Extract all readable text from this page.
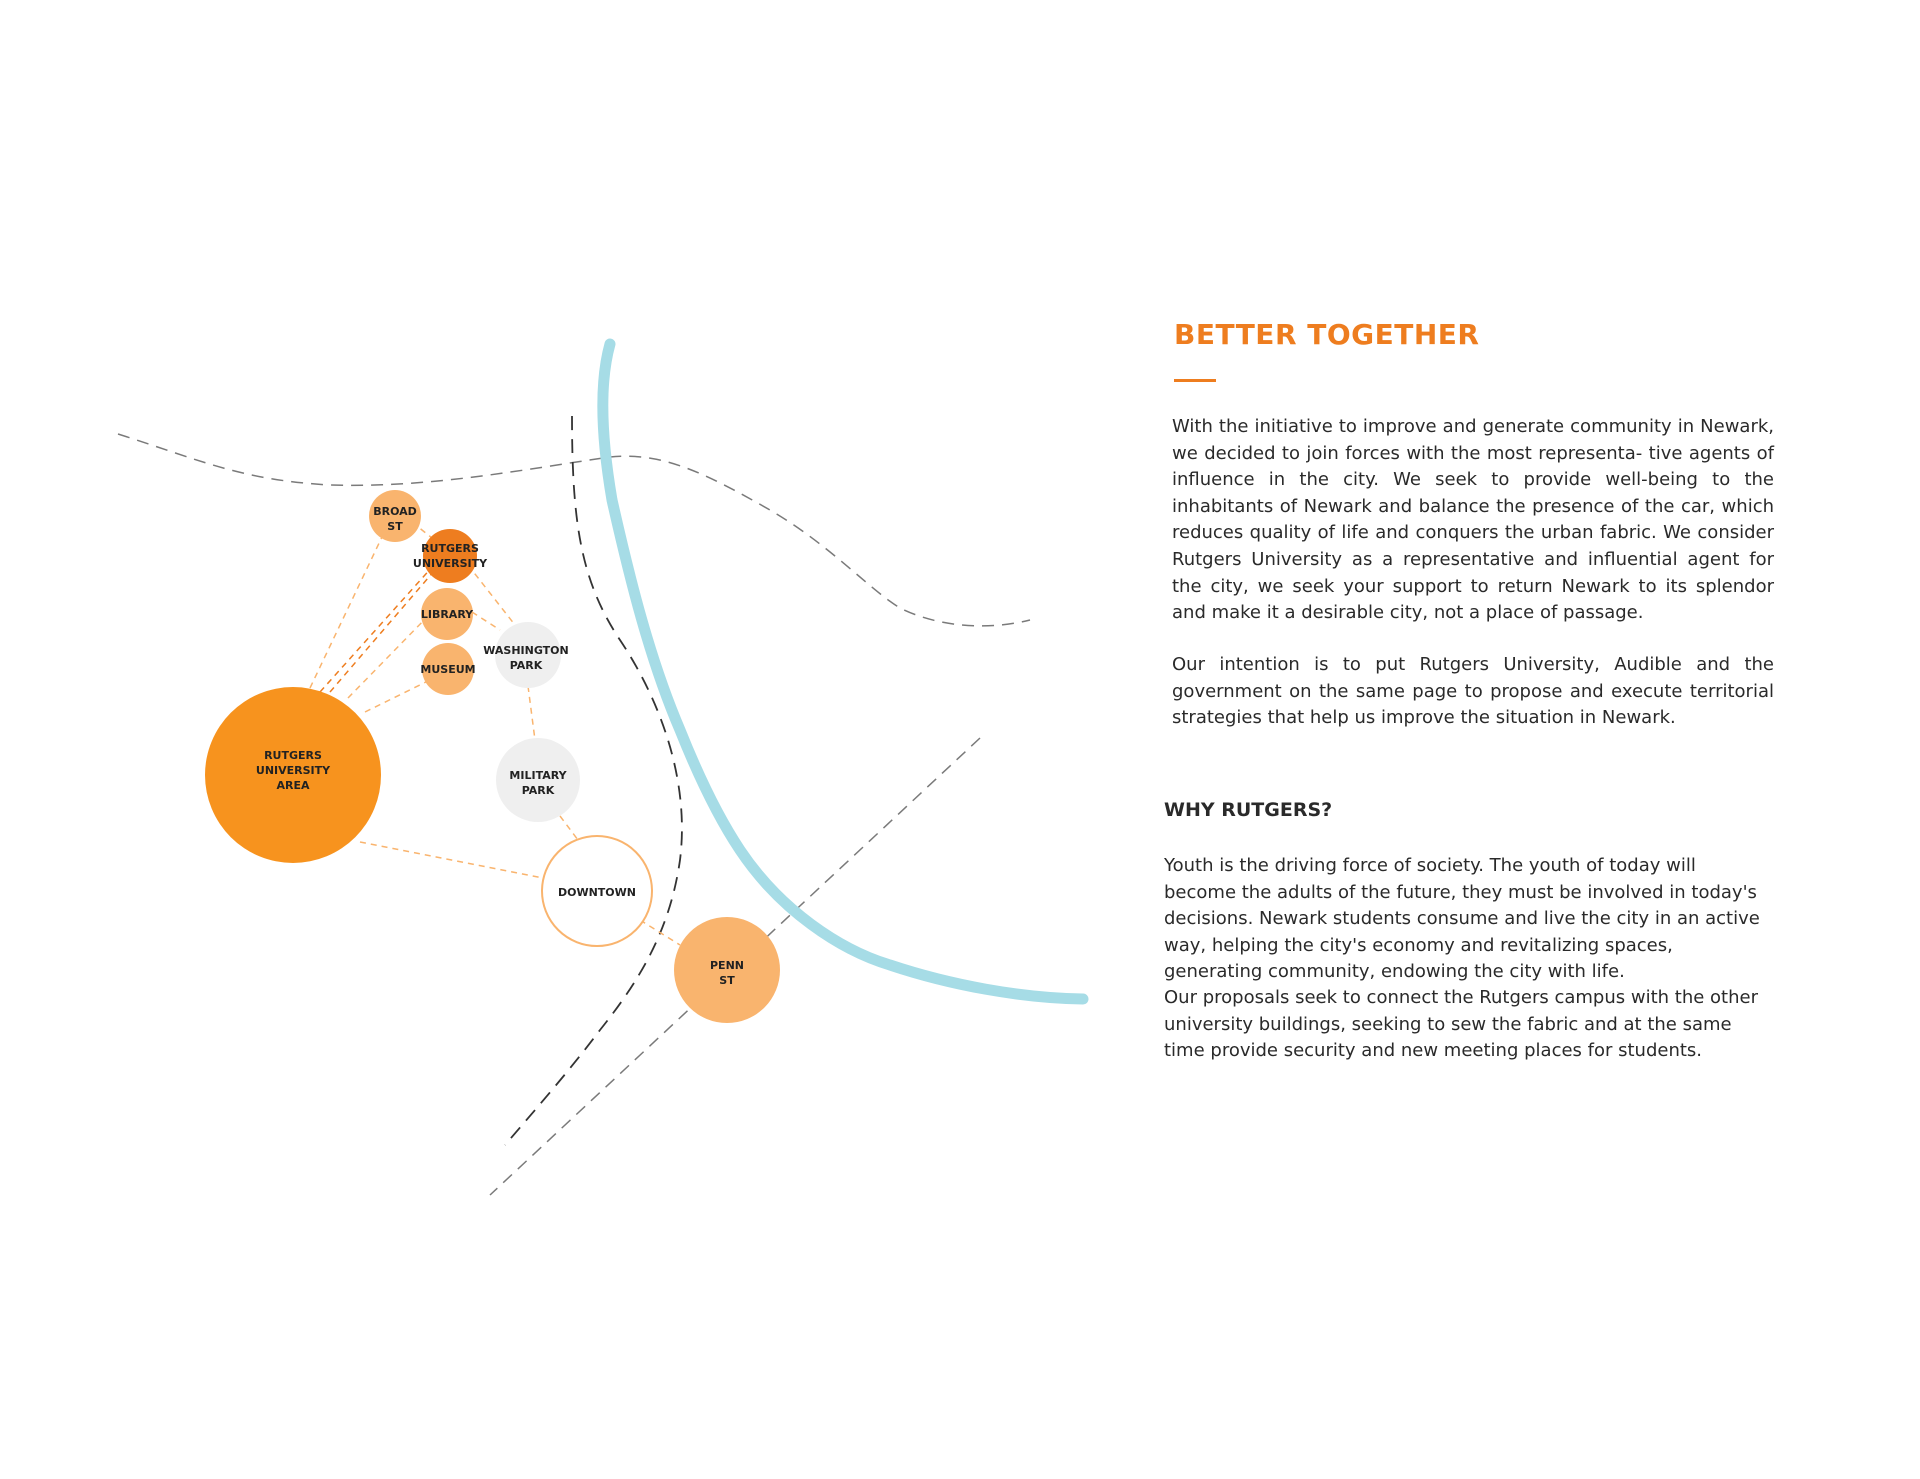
RUTGERS UNIVERSITY AREA
BROAD ST
RUTGERS UNIVERSITY
LIBRARY
MUSEUM
WASHINGTON PARK
MILITARY PARK
DOWNTOWN
PENN ST
BETTER TOGETHER

With the initiative to improve and generate community in Newark, we decided to join forces with the most representa- tive agents of influence in the city. We seek to provide well-being to the inhabitants of Newark and balance the presence of the car, which reduces quality of life and conquers the urban fabric. We consider Rutgers University as a representative and influential agent for the city, we seek your support to return Newark to its splendor and make it a desirable city, not a place of passage.

Our intention is to put Rutgers University, Audible and the government on the same page to propose and execute territorial strategies that help us improve the situation in Newark.

WHY RUTGERS?

Youth is the driving force of society. The youth of today will become the adults of the future, they must be involved in today's decisions. Newark students consume and live the city in an active way, helping the city's economy and revitalizing spaces, generating community, endowing the city with life.

Our proposals seek to connect the Rutgers campus with the other university buildings, seeking to sew the fabric and at the same time provide security and new meeting places for students.
